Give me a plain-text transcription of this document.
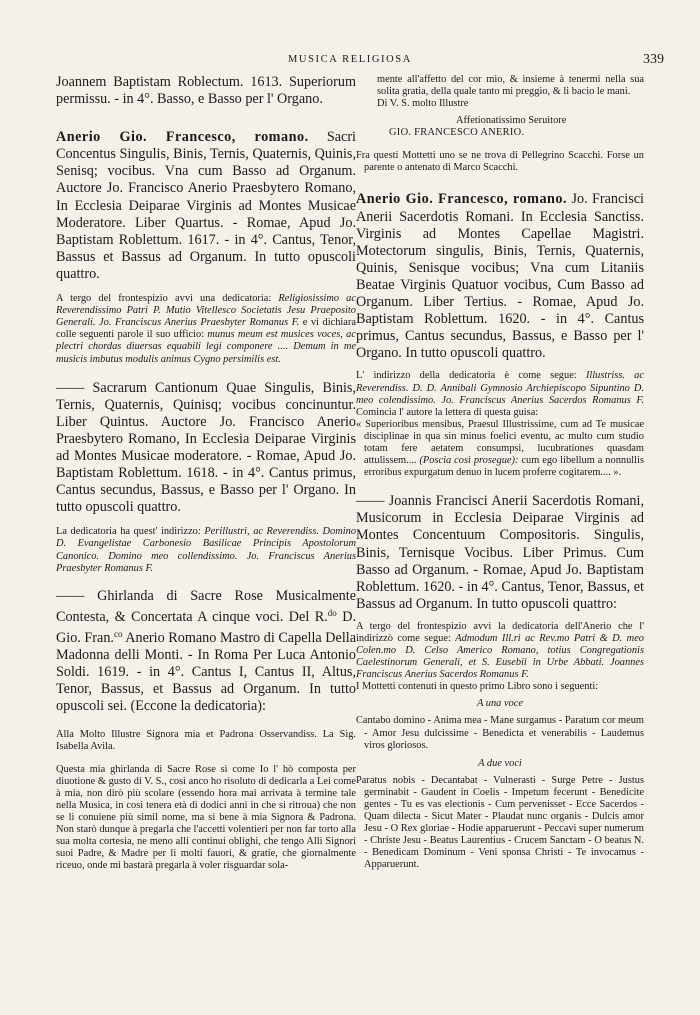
MUSICA RELIGIOSA	339

Joannem Baptistam Roblectum. 1613. Superiorum permissu. - in 4°. Basso, e Basso per l' Organo.

Anerio Gio. Francesco, romano. Sacri Concentus Singulis, Binis, Ternis, Quaternis, Quinis, Senisq; vocibus. Vna cum Basso ad Organum. Auctore Jo. Francisco Anerio Praesbytero Romano, In Ecclesia Deiparae Virginis ad Montes Musicae Moderatore. Liber Quartus. - Romae, Apud Jo. Baptistam Roblettum. 1617. - in 4°. Cantus, Tenor, Bassus et Bassus ad Organum. In tutto opuscoli quattro.

A tergo del frontespizio avvi una dedicatoria: Religiosissimo ac Reverendissimo Patri P. Mutio Vitellesco Societatis Jesu Praeposito Generali. Jo. Franciscus Anerius Praesbyter Romanus F. e vi dichiara colle seguenti parole il suo ufficio: munus meum est musices voces, ac plectri chordas diuersas equabili legi componere .... Demum in me musicis imbutus modulis animus Cygno persimilis est.

—— Sacrarum Cantionum Quae Singulis, Binis, Ternis, Quaternis, Quinisq; vocibus concinuntur. Liber Quintus. Auctore Jo. Francisco Anerio Praesbytero Romano, In Ecclesia Deiparae Virginis ad Montes Musicae moderatore. - Romae, Apud Jo. Baptistam Roblettum. 1618. - in 4°. Cantus primus, Cantus secundus, Bassus, e Basso per l' Organo. In tutto opuscoli quattro.

La dedicatoria ha quest' indirizzo: Perillustri, ac Reverendiss. Domino D. Evangelistae Carbonesio Basilicae Principis Apostolorum Canonico. Domino meo collendissimo. Jo. Franciscus Anerius Praesbyter Romanus F.

—— Ghirlanda di Sacre Rose Musicalmente Contesta, & Concertata A cinque voci. Del R.$^{do}$ D. Gio. Fran.$^{co}$ Anerio Romano Mastro di Capella Della Madonna delli Monti. - In Roma Per Luca Antonio Soldi. 1619. - in 4°. Cantus I, Cantus II, Altus, Tenor, Bassus, et Bassus ad Organum. In tutto opuscoli sei. (Eccone la dedicatoria):

Alla Molto Illustre Signora mia et Padrona Osservandiss. La Sig. Isabella Avila.

Questa mia ghirlanda di Sacre Rose si come Io l' hò composta per diuotione & gusto di V. S., così anco ho risoluto di dedicarla a Lei come à mia, non dirò più scolare (essendo hora mai arrivata à termine tale nella Musica, in così tenera età di dodici anni in che si ritroua) che non se li conuiene più simil nome, ma si bene à mia Signora & Padrona. Non starò dunque à pregarla che l'accetti volentieri per non far torto alla sua molta cortesia, ne meno alli continui oblighi, che tengo Alli Signori suoi Padre, & Madre per li molti fauori, & gratie, che giornalmente riceuo, onde mi bastarà pregarla à voler risguardar sola-

mente all'affetto del cor mio, & insieme à tenermi nella sua solita gratia, della quale tanto mi preggio, & li bacio le mani.

Di V. S. molto Illustre

Affetionatissimo Seruitore

GIO. FRANCESCO ANERIO.

Fra questi Mottetti uno se ne trova di Pellegrino Scacchi. Forse un parente o antenato di Marco Scacchi.

Anerio Gio. Francesco, romano. Jo. Francisci Anerii Sacerdotis Romani. In Ecclesia Sanctiss. Virginis ad Montes Capellae Magistri. Motectorum singulis, Binis, Ternis, Quaternis, Quinis, Senisque vocibus; Vna cum Litaniis Beatae Virginis Quatuor vocibus, Cum Basso ad Organum. Liber Tertius. - Romae, Apud Jo. Baptistam Roblettum. 1620. - in 4°. Cantus primus, Cantus secundus, Bassus, e Basso per l' Organo. In tutto opuscoli quattro.

L' indirizzo della dedicatoria è come segue: Illustriss. ac Reverendiss. D. D. Annibali Gymnosio Archiepiscopo Sipuntino D. meo colendissimo. Jo. Franciscus Anerius Sacerdos Romanus F. Comincia l' autore la lettera di questa guisa:

« Superioribus mensibus, Praesul Illustrissime, cum ad Te musicae disciplinae in qua sin minus foelici eventu, ac multo cum studio totam fere aetatem consumpsi, lucubrationes quasdam attulissem.... (Poscia così prosegue): cum ego libellum a nonnullis erroribus expurgatum denuo in lucem proferre cogitarem.... ».

—— Joannis Francisci Anerii Sacerdotis Romani, Musicorum in Ecclesia Deiparae Virginis ad Montes Concentuum Compositoris. Singulis, Binis, Ternisque Vocibus. Liber Primus. Cum Basso ad Organum. - Romae, Apud Jo. Baptistam Roblettum. 1620. - in 4°. Cantus, Tenor, Bassus, et Bassus ad Organum. In tutto opuscoli quattro:

A tergo del frontespizio avvi la dedicatoria dell'Anerio che l' indirizzò come segue: Admodum Ill.ri ac Rev.mo Patri & D. meo Colen.mo D. Celso Americo Romano, totius Congregationis Caelestinorum Generali, et S. Eusebii in Urbe Abbati. Joannes Franciscus Anerius Sacerdos Romanus F.

I Mottetti contenuti in questo primo Libro sono i seguenti:

A una voce

Cantabo domino - Anima mea - Mane surgamus - Paratum cor meum - Amor Jesu dulcissime - Benedicta et venerabilis - Laudemus viros gloriosos.

A due voci

Paratus nobis - Decantabat - Vulnerasti - Surge Petre - Justus germinabit - Gaudent in Coelis - Impetum fecerunt - Benedicite gentes - Tu es vas electionis - Cum pervenisset - Ecce Sacerdos - Quam dilecta - Sicut Mater - Plaudat nunc organis - Dulcis amor Jesu - O Rex gloriae - Hodie apparuerunt - Peccavi super numerum - Christe Jesu - Beatus Laurentius - Crucem Sanctam - O beatus N. - Benedicam Dominum - Veni sponsa Christi - Te invocamus - Apparuerunt.
